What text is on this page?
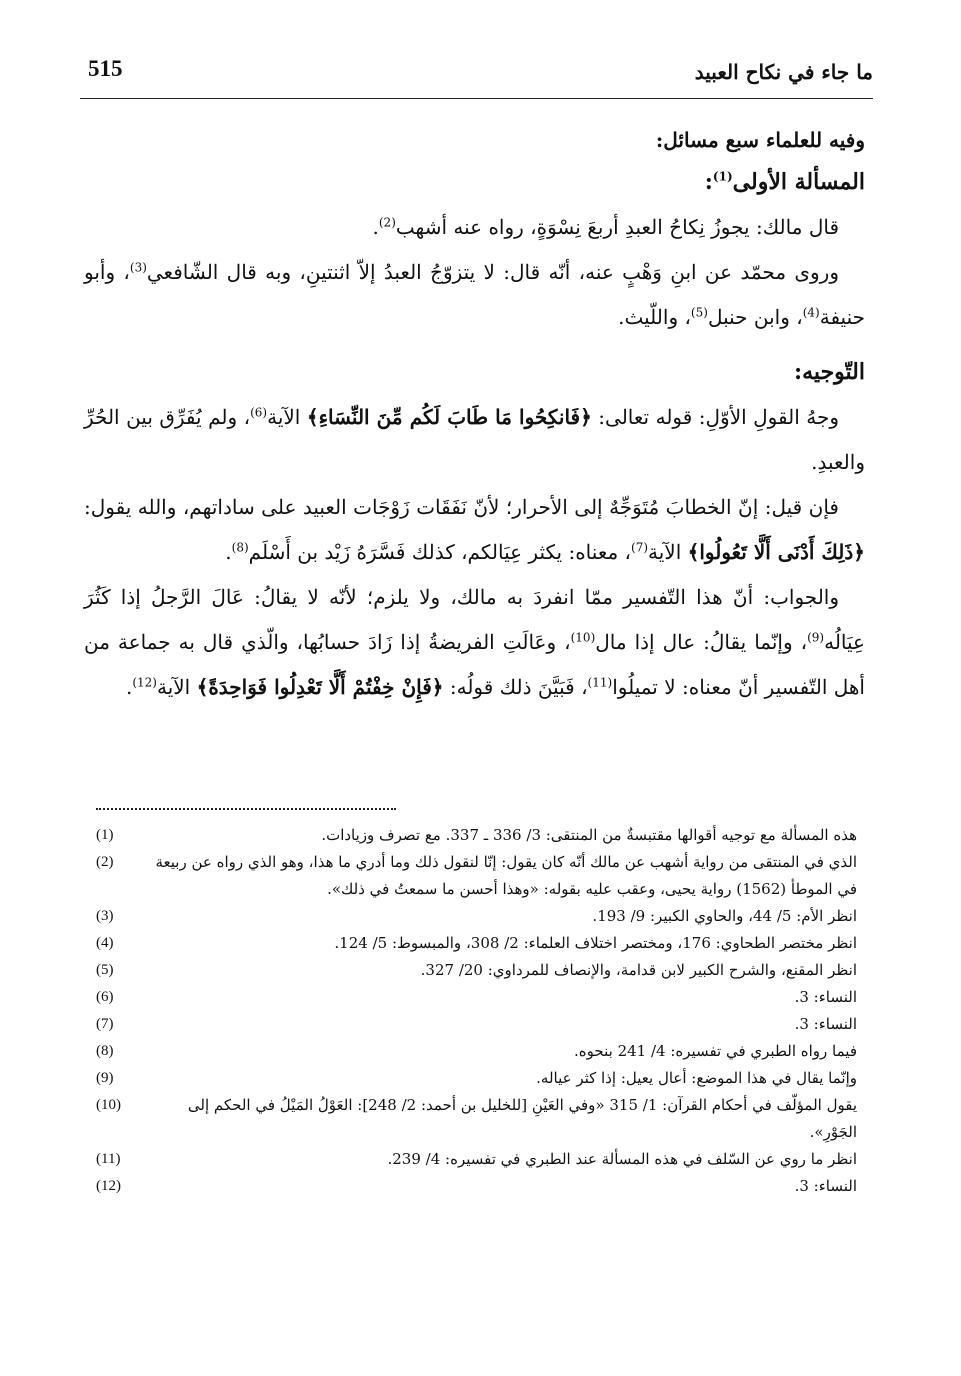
515	ما جاء في نكاح العبيد

وفيه للعلماء سبع مسائل:

المسألة الأولى$^{(1)}$:

قال مالك: يجوزُ نِكاحُ العبدِ أربعَ نِسْوَةٍ، رواه عنه أشهب$^{(2)}$.

وروى محمّد عن ابنِ وَهْبٍ عنه، أنّه قال: لا يتزوّجُ العبدُ إلاّ اثنتينِ، وبه قال الشّافعي$^{(3)}$، وأبو حنيفة$^{(4)}$، وابن حنبل$^{(5)}$، واللّيث.

التّوجيه:

وجهُ القولِ الأوّلِ: قوله تعالى: ﴿فَانكِحُوا مَا طَابَ لَكُم مِّنَ النِّسَاءِ﴾ الآية$^{(6)}$، ولم يُفَرِّق بين الحُرِّ والعبدِ.

فإن قيل: إنّ الخطابَ مُتَوَجِّهٌ إلى الأحرار؛ لأنّ نَفَقَات زَوْجَات العبيد على ساداتهم، والله يقول: ﴿ذَلِكَ أَدْنَى أَلَّا تَعُولُوا﴾ الآية$^{(7)}$، معناه: يكثر عِيَالكم، كذلك فَسَّرَهُ زَيْد بن أَسْلَم$^{(8)}$.

والجواب: أنّ هذا التّفسير ممّا انفردَ به مالك، ولا يلزم؛ لأنّه لا يقالُ: عَالَ الرَّجلُ إذا كَثُرَ عِيَالُه$^{(9)}$، وإنّما يقالُ: عال إذا مال$^{(10)}$، وعَالَتِ الفريضةُ إذا زَادَ حسابُها، والّذي قال به جماعة من أهل التّفسير أنّ معناه: لا تميلُوا$^{(11)}$، فَبَيَّنَ ذلك قولُه: ﴿فَإِنْ خِفْتُمْ أَلَّا تَعْدِلُوا فَوَاحِدَةً﴾ الآية$^{(12)}$.

هذه المسألة مع توجيه أقوالها مقتبسةٌ من المنتقى: 3/ 336 ـ 337. مع تصرف وزيادات.
(1)
الذي في المنتقى من رواية أشهب عن مالك أنّه كان يقول: إنّا لنقول ذلك وما أدري ما هذا، وهو الذي رواه عن ربيعة في الموطأ (1562) رواية يحيى، وعقب عليه بقوله: «وهذا أحسن ما سمعتُ في ذلك».
(2)
انظر الأم: 5/ 44، والحاوي الكبير: 9/ 193.
(3)
انظر مختصر الطحاوي: 176، ومختصر اختلاف العلماء: 2/ 308، والمبسوط: 5/ 124.
(4)
انظر المقنع، والشرح الكبير لابن قدامة، والإنصاف للمرداوي: 20/ 327.
(5)
النساء: 3.
(6)
النساء: 3.
(7)
فيما رواه الطبري في تفسيره: 4/ 241 بنحوه.
(8)
وإنّما يقال في هذا الموضع: أعال يعيل: إذا كثر عياله.
(9)
يقول المؤلّف في أحكام القرآن: 1/ 315 «وفي العَيْنِ [للخليل بن أحمد: 2/ 248]: العَوْلُ المَيْلُ في الحكم إلى الجَوْرِ».
(10)
انظر ما روي عن السّلف في هذه المسألة عند الطبري في تفسيره: 4/ 239.
(11)
النساء: 3.
(12)
